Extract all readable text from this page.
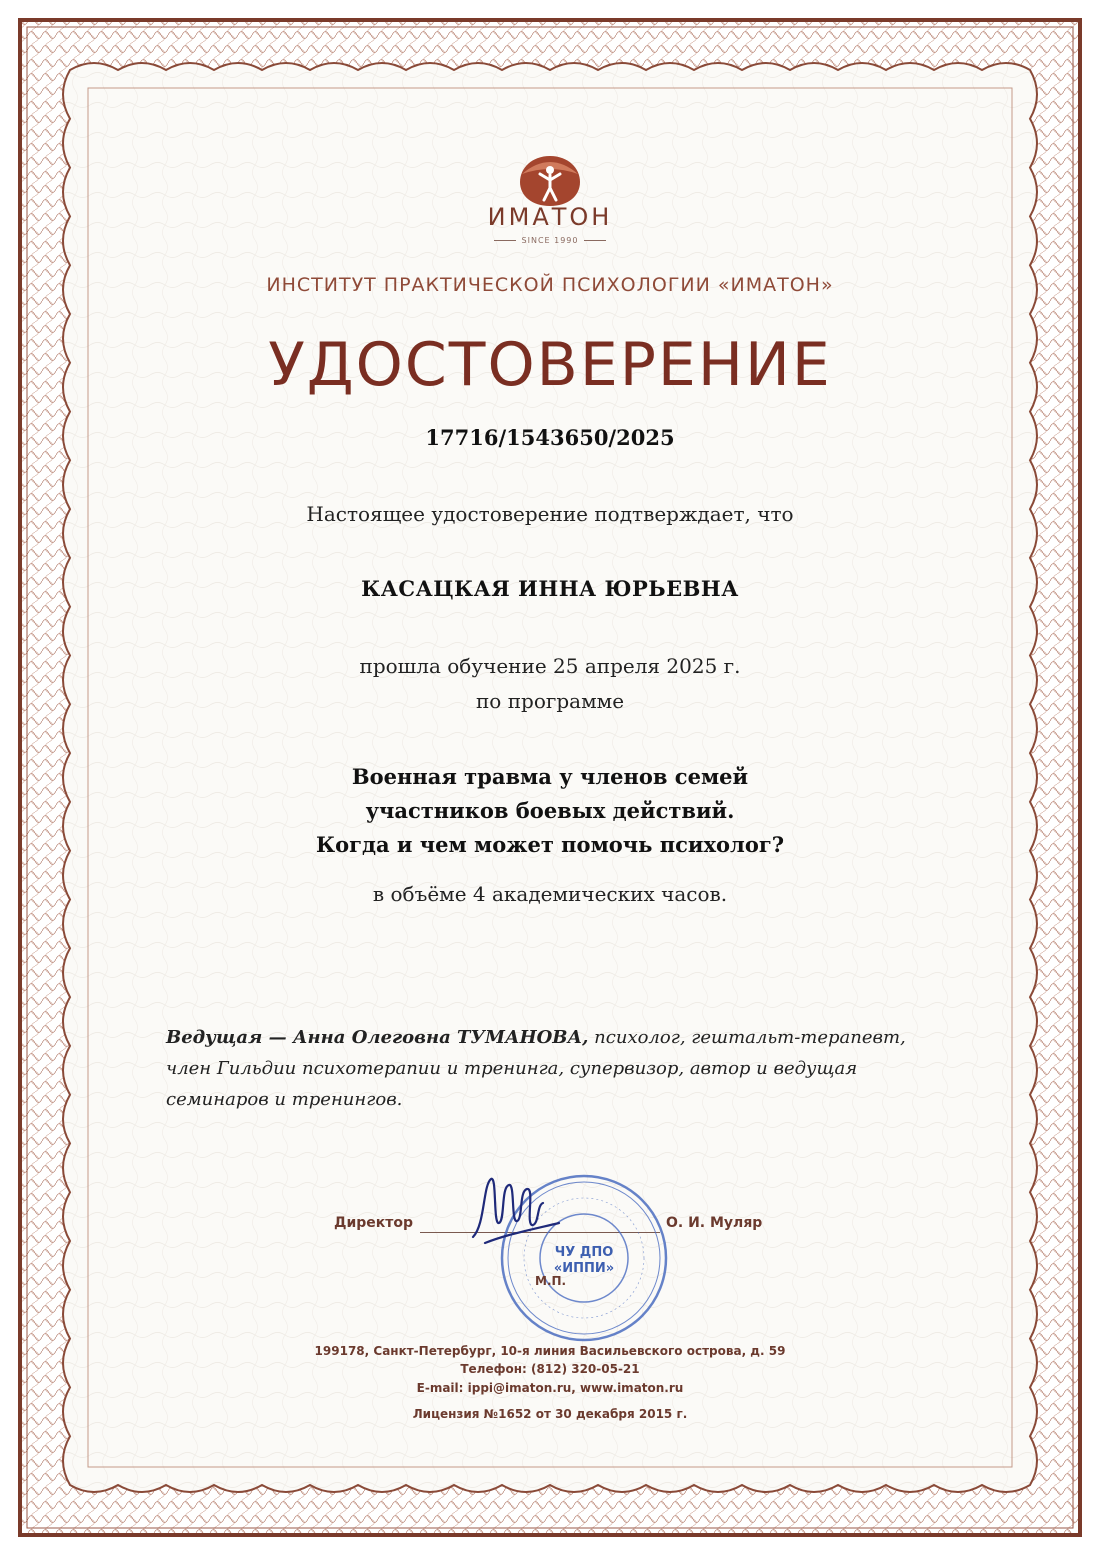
ИМАТОН
SINCE 1990
ИНСТИТУТ ПРАКТИЧЕСКОЙ ПСИХОЛОГИИ «ИМАТОН»
УДОСТОВЕРЕНИЕ
17716/1543650/2025
Настоящее удостоверение подтверждает, что
КАСАЦКАЯ ИННА ЮРЬЕВНА
прошла обучение 25 апреля 2025 г.
по программе
Военная травма у членов семей
участников боевых действий.
Когда и чем может помочь психолог?
в объёме 4 академических часов.
Ведущая — Анна Олеговна ТУМАНОВА, психолог, гештальт-терапевт, член Гильдии психотерапии и тренинга, супервизор, автор и ведущая семинаров и тренингов.
Директор	О. И. Муляр
ЧУ ДПО «ИППИ»
М.П.
199178, Санкт-Петербург, 10-я линия Васильевского острова, д. 59
Телефон: (812) 320-05-21
E-mail: ippi@imaton.ru, www.imaton.ru
Лицензия №1652 от 30 декабря 2015 г.
